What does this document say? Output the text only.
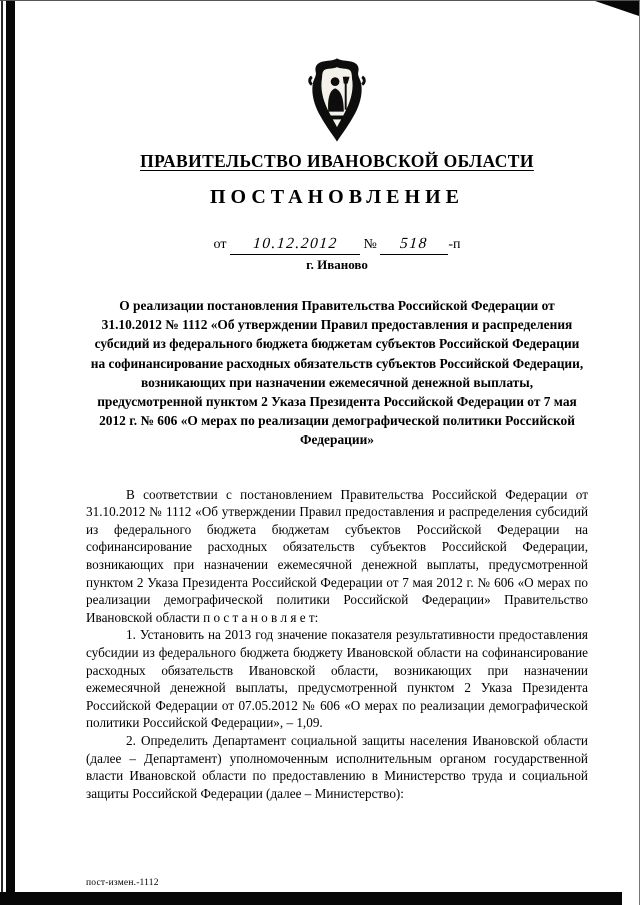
ПРАВИТЕЛЬСТВО ИВАНОВСКОЙ ОБЛАСТИ
ПОСТАНОВЛЕНИЕ
от 10.12.2012 № 518 -п
г. Иваново
О реализации постановления Правительства Российской Федерации от 31.10.2012 № 1112 «Об утверждении Правил предоставления и распределения субсидий из федерального бюджета бюджетам субъектов Российской Федерации на софинансирование расходных обязательств субъектов Российской Федерации, возникающих при назначении ежемесячной денежной выплаты, предусмотренной пунктом 2 Указа Президента Российской Федерации от 7 мая 2012 г. № 606 «О мерах по реализации демографической политики Российской Федерации»

В соответствии с постановлением Правительства Российской Федерации от 31.10.2012 № 1112 «Об утверждении Правил предоставления и распределения субсидий из федерального бюджета бюджетам субъектов Российской Федерации на софинансирование расходных обязательств субъектов Российской Федерации, возникающих при назначении ежемесячной денежной выплаты, предусмотренной пунктом 2 Указа Президента Российской Федерации от 7 мая 2012 г. № 606 «О мерах по реализации демографической политики Российской Федерации» Правительство Ивановской области п о с т а н о в л я е т:

1. Установить на 2013 год значение показателя результативности предоставления субсидии из федерального бюджета бюджету Ивановской области на софинансирование расходных обязательств Ивановской области, возникающих при назначении ежемесячной денежной выплаты, предусмотренной пунктом 2 Указа Президента Российской Федерации от 07.05.2012 № 606 «О мерах по реализации демографической политики Российской Федерации», – 1,09.

2. Определить Департамент социальной защиты населения Ивановской области (далее – Департамент) уполномоченным исполнительным органом государственной власти Ивановской области по предоставлению в Министерство труда и социальной защиты Российской Федерации (далее – Министерство):

пост-измен.-1112
